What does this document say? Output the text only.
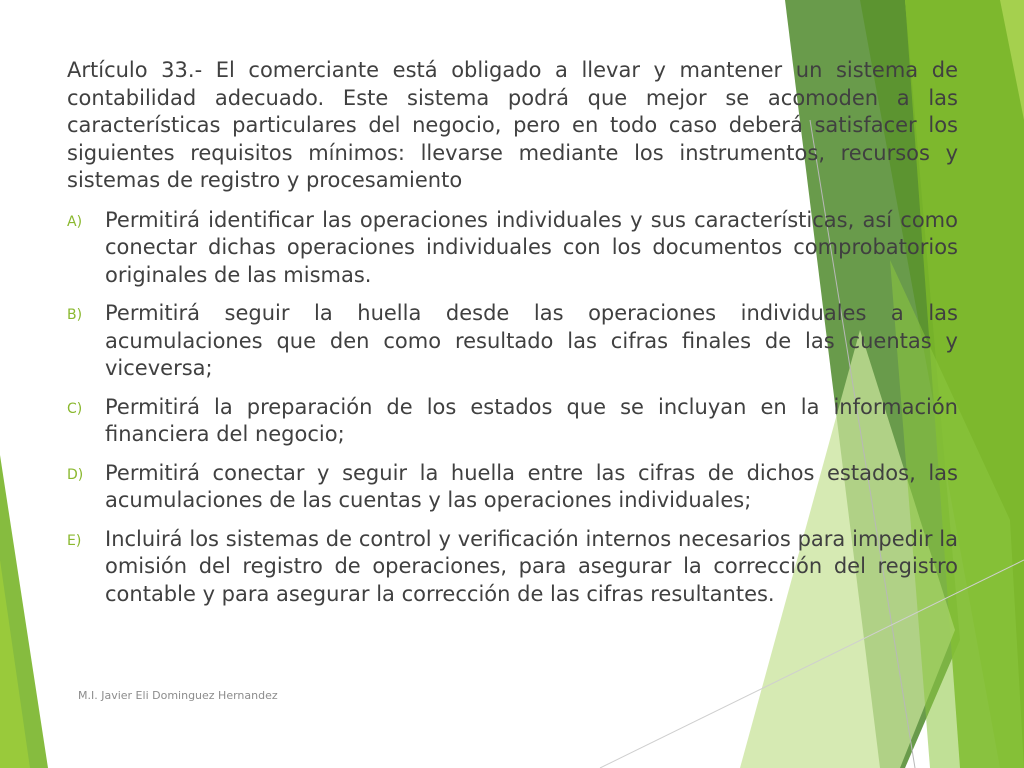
Artículo 33.- El comerciante está obligado a llevar y mantener un sistema de contabilidad adecuado. Este sistema podrá que mejor se acomoden a las características particulares del negocio, pero en todo caso deberá satisfacer los siguientes requisitos mínimos: llevarse mediante los instrumentos, recursos y sistemas de registro y procesamiento

A) Permitirá identificar las operaciones individuales y sus características, así como conectar dichas operaciones individuales con los documentos comprobatorios originales de las mismas.
B) Permitirá seguir la huella desde las operaciones individuales a las acumulaciones que den como resultado las cifras finales de las cuentas y viceversa;
C) Permitirá la preparación de los estados que se incluyan en la información financiera del negocio;
D) Permitirá conectar y seguir la huella entre las cifras de dichos estados, las acumulaciones de las cuentas y las operaciones individuales;
E) Incluirá los sistemas de control y verificación internos necesarios para impedir la omisión del registro de operaciones, para asegurar la corrección del registro contable y para asegurar la corrección de las cifras resultantes.
M.I. Javier Eli Dominguez Hernandez
